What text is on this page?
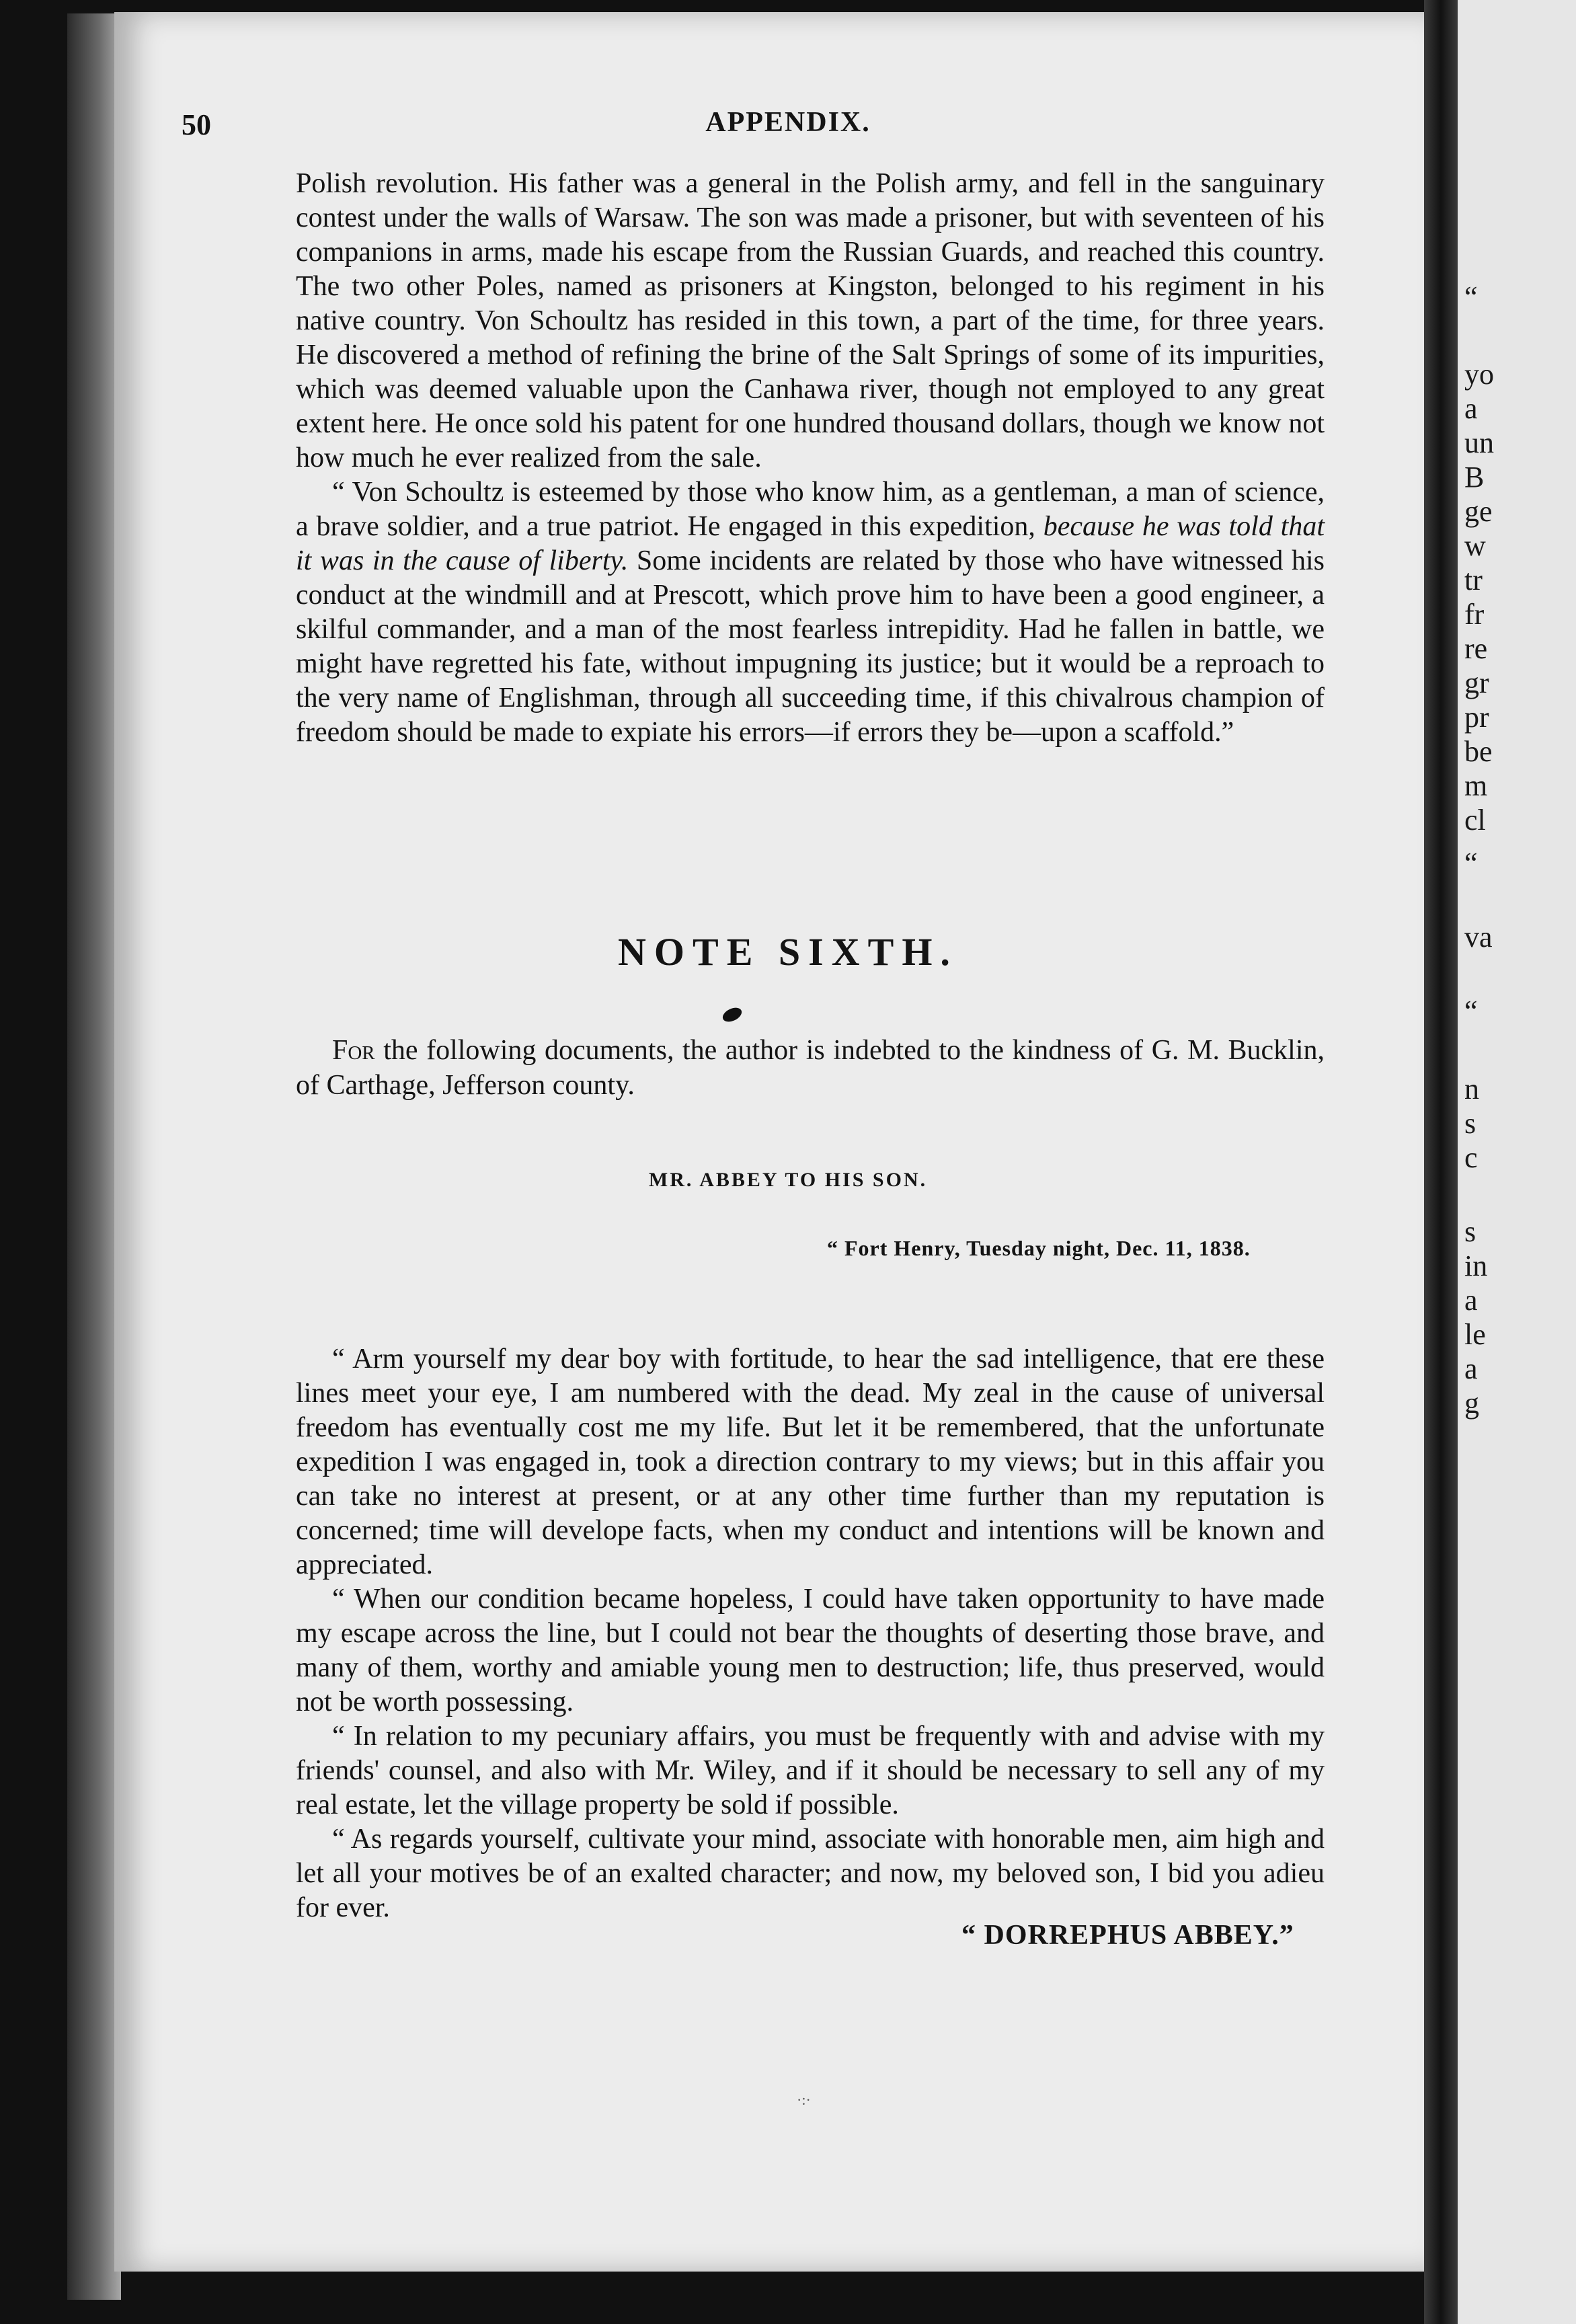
“
yo
a
un
B
ge
w
tr
fr
re
gr
pr
be
m
cl
“
va
“
n
s
c
s
in
a
le
a
g
50	APPENDIX.

Polish revolution. His father was a general in the Polish army, and fell in the sanguinary contest under the walls of Warsaw. The son was made a prisoner, but with seventeen of his companions in arms, made his escape from the Russian Guards, and reached this country. The two other Poles, named as prisoners at Kingston, belonged to his regiment in his native country. Von Schoultz has resided in this town, a part of the time, for three years. He discovered a method of refining the brine of the Salt Springs of some of its impurities, which was deemed valuable upon the Canhawa river, though not employed to any great extent here. He once sold his patent for one hundred thousand dollars, though we know not how much he ever realized from the sale.

“ Von Schoultz is esteemed by those who know him, as a gentleman, a man of science, a brave soldier, and a true patriot. He engaged in this expedition, because he was told that it was in the cause of liberty. Some incidents are related by those who have witnessed his conduct at the windmill and at Prescott, which prove him to have been a good engineer, a skilful commander, and a man of the most fearless intrepidity. Had he fallen in battle, we might have regretted his fate, without impugning its justice; but it would be a reproach to the very name of Englishman, through all succeeding time, if this chivalrous champion of freedom should be made to expiate his errors—if errors they be—upon a scaffold.”

NOTE SIXTH.
For the following documents, the author is indebted to the kindness of G. M. Bucklin, of Carthage, Jefferson county.
MR. ABBEY TO HIS SON.
“ Fort Henry, Tuesday night, Dec. 11, 1838.

“ Arm yourself my dear boy with fortitude, to hear the sad intelligence, that ere these lines meet your eye, I am numbered with the dead. My zeal in the cause of universal freedom has eventually cost me my life. But let it be remembered, that the unfortunate expedition I was engaged in, took a direction contrary to my views; but in this affair you can take no interest at present, or at any other time further than my reputation is concerned; time will develope facts, when my conduct and intentions will be known and appreciated.

“ When our condition became hopeless, I could have taken opportunity to have made my escape across the line, but I could not bear the thoughts of deserting those brave, and many of them, worthy and amiable young men to destruction; life, thus preserved, would not be worth possessing.

“ In relation to my pecuniary affairs, you must be frequently with and advise with my friends' counsel, and also with Mr. Wiley, and if it should be necessary to sell any of my real estate, let the village property be sold if possible.

“ As regards yourself, cultivate your mind, associate with honorable men, aim high and let all your motives be of an exalted character; and now, my beloved son, I bid you adieu for ever.

“ DORREPHUS ABBEY.”
·:·
